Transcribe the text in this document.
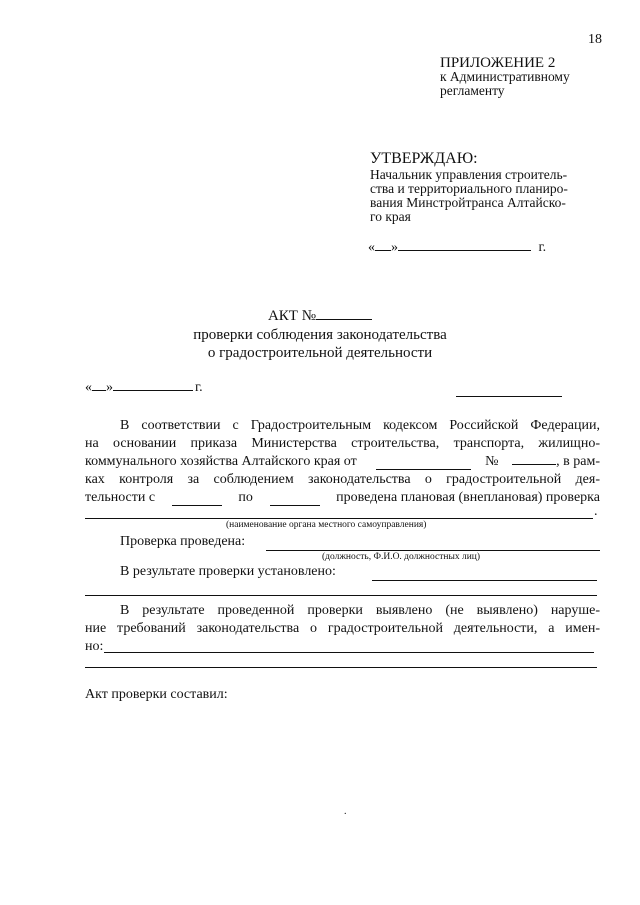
18
ПРИЛОЖЕНИЕ 2
к Административному
регламенту
УТВЕРЖДАЮ:
Начальник управления строитель-
ства и территориального планиро-
вания Минстройтранса Алтайско-
го края
« »	г.
АКТ №
проверки соблюдения законодательства
о градостроительной деятельности
« »	г.
В соответствии с Градостроительным кодексом Российской Федерации,
на основании приказа Министерства строительства, транспорта, жилищно-
коммунального хозяйства Алтайского края от	№	, в рам-
ках контроля за соблюдением законодательства о градостроительной дея-
тельности с	по	проведена плановая (внеплановая) проверка
.
(наименование органа местного самоуправления)
Проверка проведена:
(должность, Ф.И.О. должностных лиц)
В результате проверки установлено:
В результате проведенной проверки выявлено (не выявлено) наруше-
ние требований законодательства о градостроительной деятельности, а имен-
но:
Акт проверки составил:
.
